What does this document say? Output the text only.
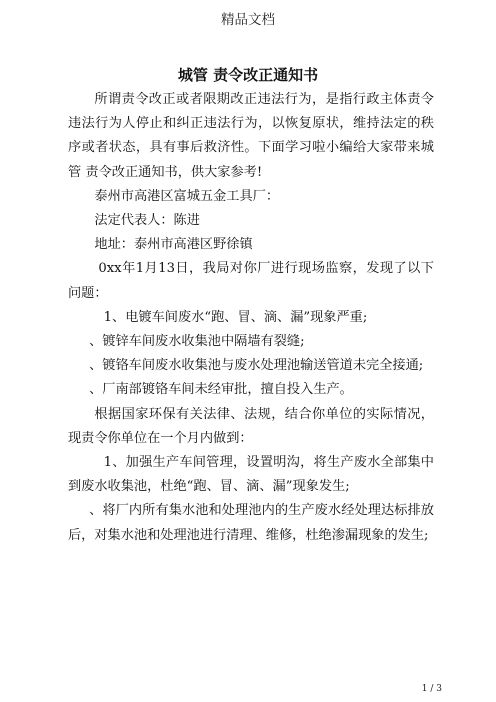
精品文档
城管 责令改正通知书

所谓责令改正或者限期改正违法行为，是指行政主体责令违法行为人停止和纠正违法行为，以恢复原状，维持法定的秩序或者状态，具有事后救济性。下面学习啦小编给大家带来城管 责令改正通知书，供大家参考!

泰州市高港区富城五金工具厂：

法定代表人：陈进

地址：泰州市高港区野徐镇

0xx年1月13日，我局对你厂进行现场监察，发现了以下问题：

1、电镀车间废水“跑、冒、滴、漏”现象严重;

、镀锌车间废水收集池中隔墙有裂缝;

、镀铬车间废水收集池与废水处理池输送管道未完全接通;

、厂南部镀铬车间未经审批，擅自投入生产。

根据国家环保有关法律、法规，结合你单位的实际情况，现责令你单位在一个月内做到：

1、加强生产车间管理，设置明沟，将生产废水全部集中到废水收集池，杜绝“跑、冒、滴、漏”现象发生;

、将厂内所有集水池和处理池内的生产废水经处理达标排放后，对集水池和处理池进行清理、维修，杜绝渗漏现象的发生;

1 / 3
